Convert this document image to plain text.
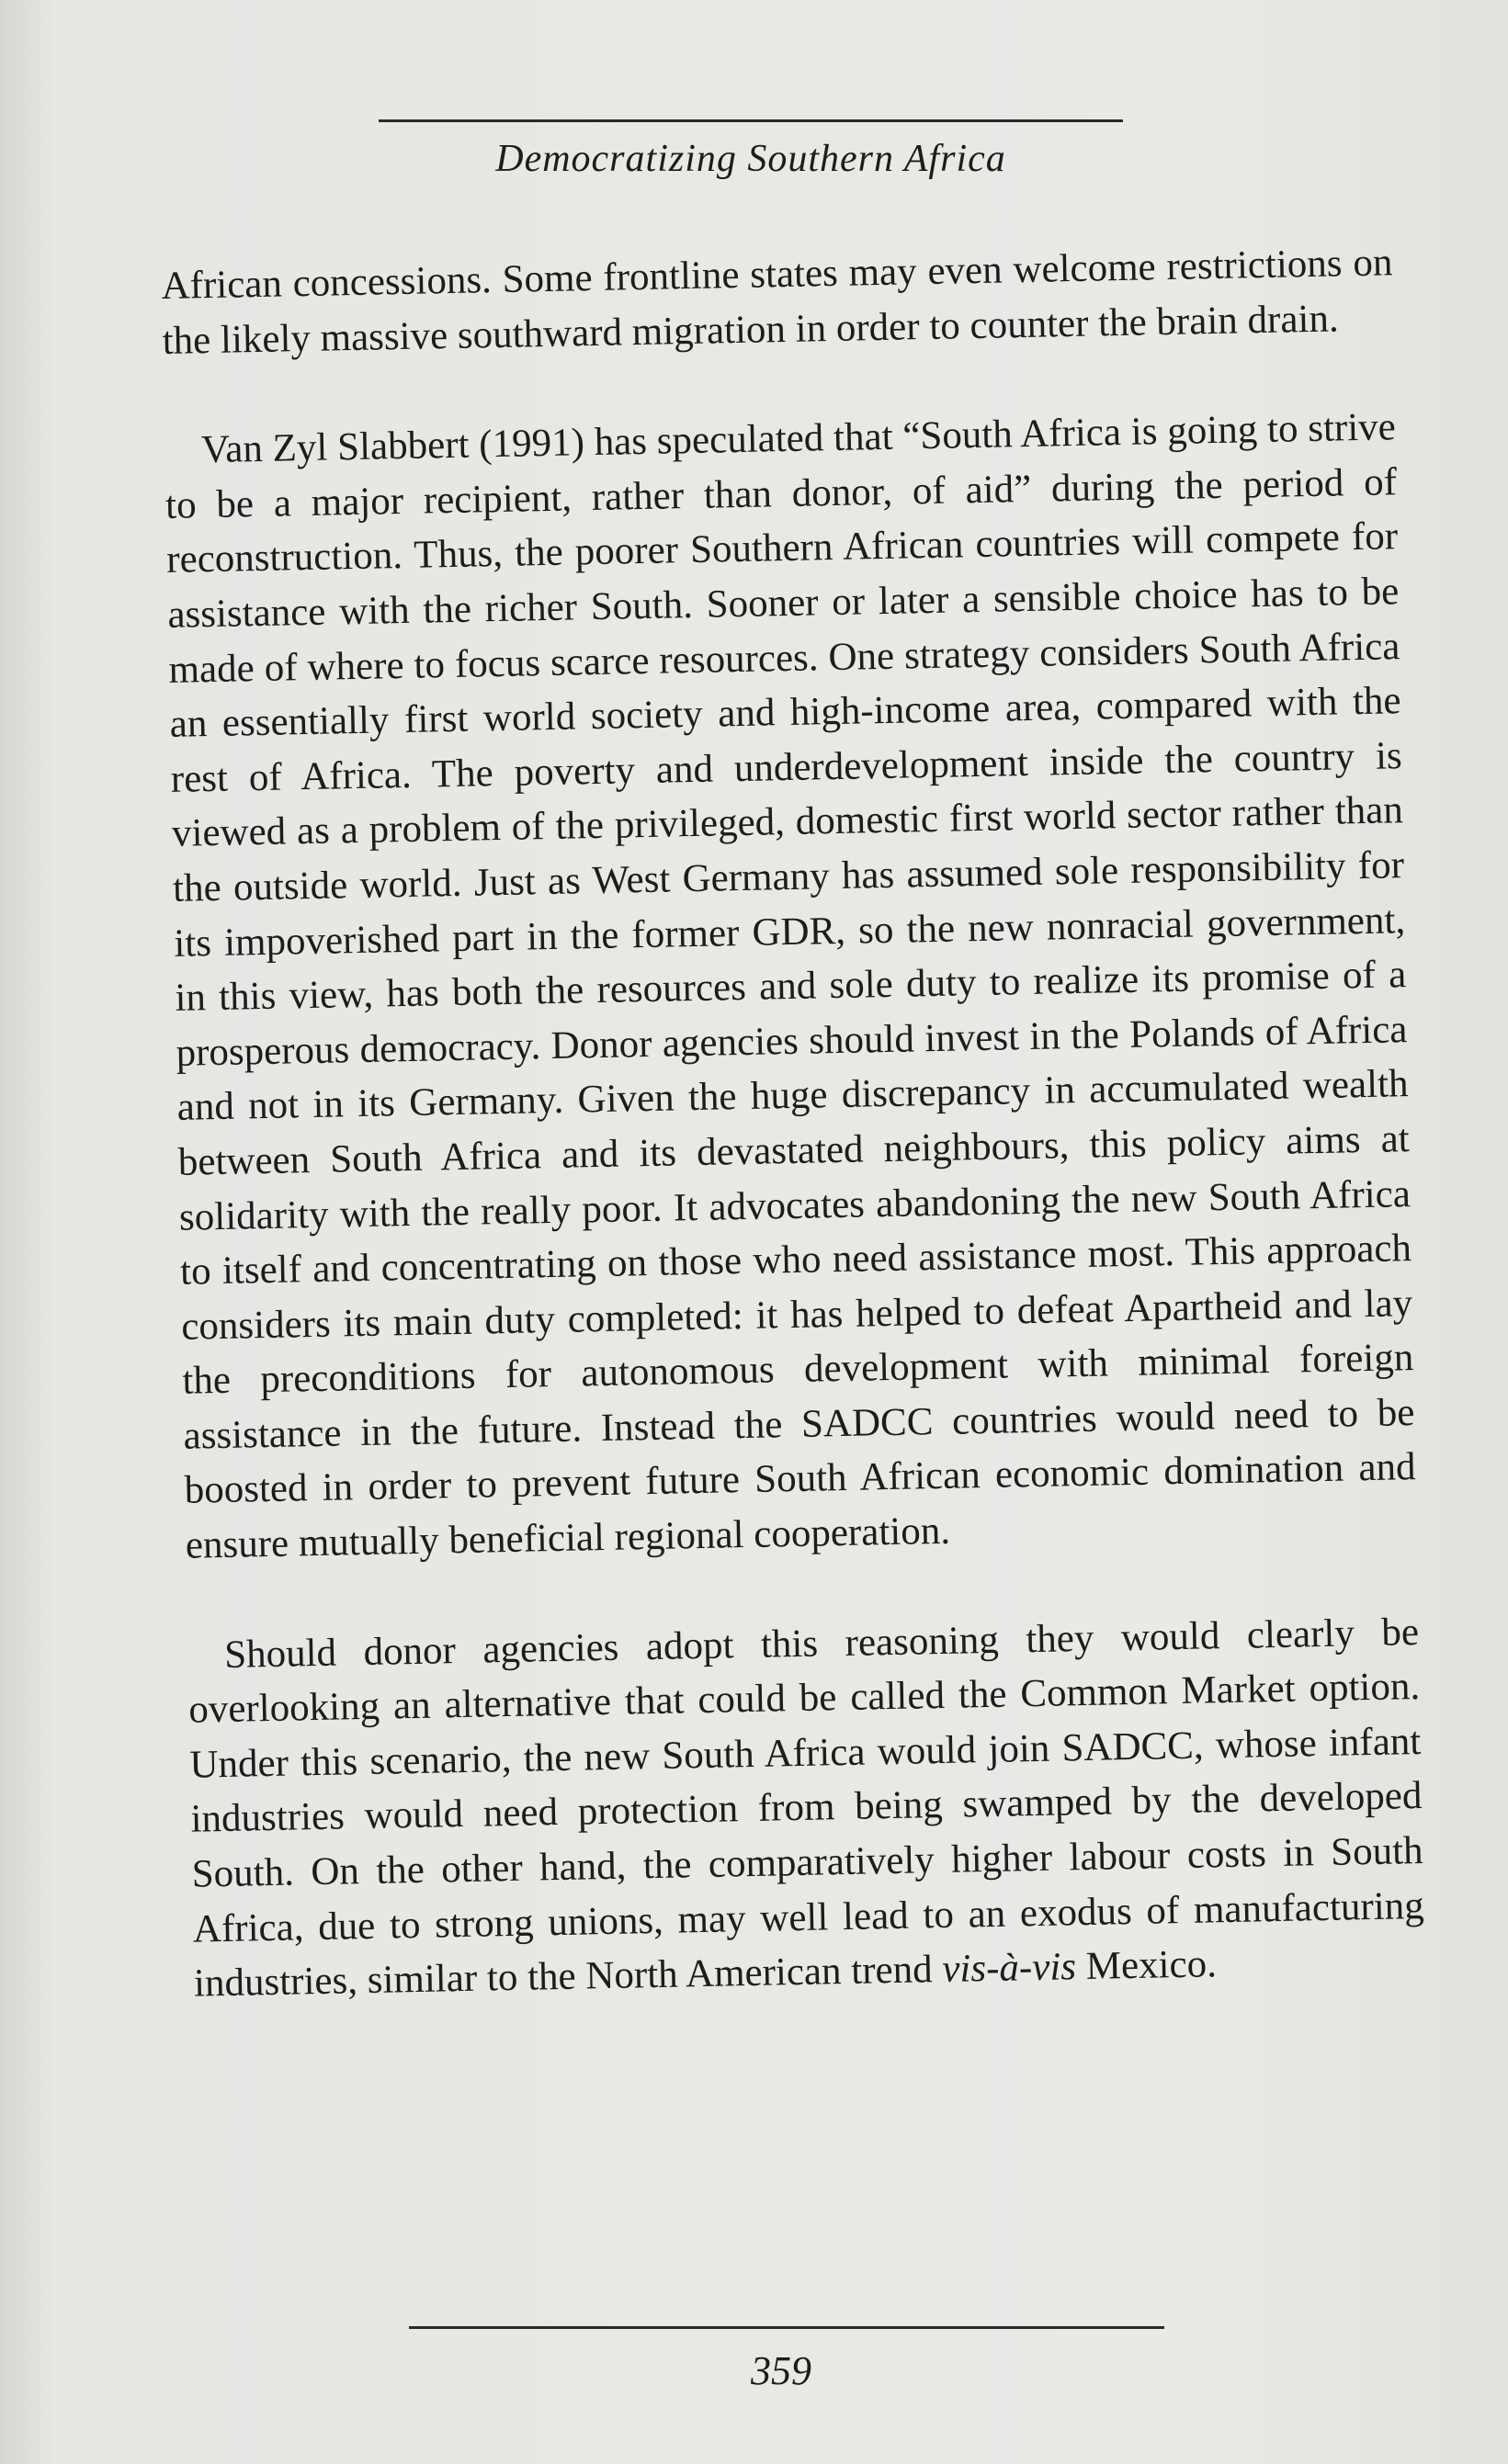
Democratizing Southern Africa

African concessions. Some frontline states may even welcome restrictions on the likely massive southward migration in order to counter the brain drain.

Van Zyl Slabbert (1991) has speculated that “South Africa is going to strive to be a major recipient, rather than donor, of aid” during the period of reconstruction. Thus, the poorer Southern African countries will compete for assistance with the richer South. Sooner or later a sensible choice has to be made of where to focus scarce resources. One strategy considers South Africa an essentially first world society and high-income area, compared with the rest of Africa. The poverty and underdevelopment inside the country is viewed as a problem of the privileged, domestic first world sector rather than the outside world. Just as West Germany has assumed sole responsibility for its impoverished part in the former GDR, so the new nonracial government, in this view, has both the resources and sole duty to realize its promise of a prosperous democracy. Donor agencies should invest in the Polands of Africa and not in its Germany. Given the huge discrepancy in accumulated wealth between South Africa and its devastated neighbours, this policy aims at solidarity with the really poor. It advocates abandoning the new South Africa to itself and concentrating on those who need assistance most. This approach considers its main duty completed: it has helped to defeat Apartheid and lay the preconditions for autonomous development with minimal foreign assistance in the future. Instead the SADCC countries would need to be boosted in order to prevent future South African economic domination and ensure mutually beneficial regional cooperation.

Should donor agencies adopt this reasoning they would clearly be overlooking an alternative that could be called the Common Market option. Under this scenario, the new South Africa would join SADCC, whose infant industries would need protection from being swamped by the developed South. On the other hand, the comparatively higher labour costs in South Africa, due to strong unions, may well lead to an exodus of manufacturing industries, similar to the North American trend vis-à-vis Mexico.

359
